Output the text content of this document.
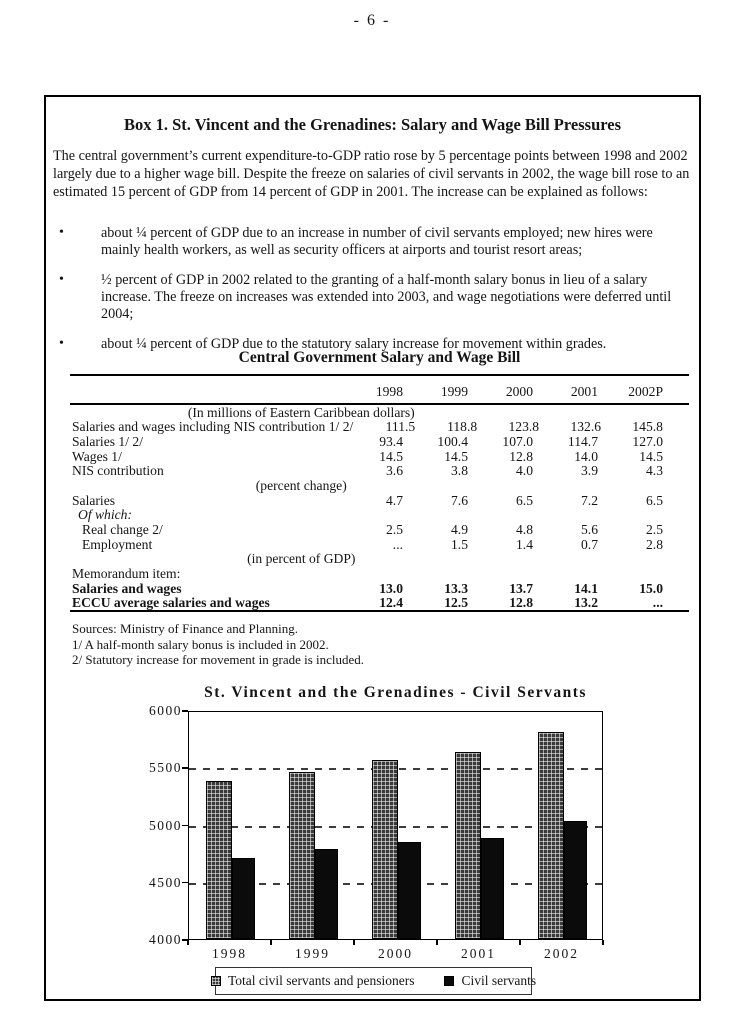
- 6 -
Box 1. St. Vincent and the Grenadines: Salary and Wage Bill Pressures
The central government’s current expenditure-to-GDP ratio rose by 5 percentage points between 1998 and 2002 largely due to a higher wage bill. Despite the freeze on salaries of civil servants in 2002, the wage bill rose to an estimated 15 percent of GDP from 14 percent of GDP in 2001. The increase can be explained as follows:
•	about ¼ percent of GDP due to an increase in number of civil servants employed; new hires were mainly health workers, as well as security officers at airports and tourist resort areas;
•	½ percent of GDP in 2002 related to the granting of a half-month salary bonus in lieu of a salary increase. The freeze on increases was extended into 2003, and wage negotiations were deferred until 2004;
•	about ¼ percent of GDP due to the statutory salary increase for movement within grades.
Central Government Salary and Wage Bill
1998	1999	2000	2001	2002P
(In millions of Eastern Caribbean dollars)
Salaries and wages including NIS contribution 1/ 2/	111.5	118.8	123.8	132.6	145.8
Salaries 1/ 2/	93.4	100.4	107.0	114.7	127.0
Wages 1/	14.5	14.5	12.8	14.0	14.5
NIS contribution	3.6	3.8	4.0	3.9	4.3
(percent change)
Salaries	4.7	7.6	6.5	7.2	6.5
Of which:
Real change 2/	2.5	4.9	4.8	5.6	2.5
Employment	...	1.5	1.4	0.7	2.8
(in percent of GDP)
Memorandum item:
Salaries and wages	13.0	13.3	13.7	14.1	15.0
ECCU average salaries and wages	12.4	12.5	12.8	13.2	...
Sources: Ministry of Finance and Planning.
1/ A half-month salary bonus is included in 2002.
2/ Statutory increase for movement in grade is included.
St. Vincent and the Grenadines - Civil Servants
4000
4500
5000
5500
6000
1998	1999	2000	2001	2002
Total civil servants and pensioners	Civil servants
